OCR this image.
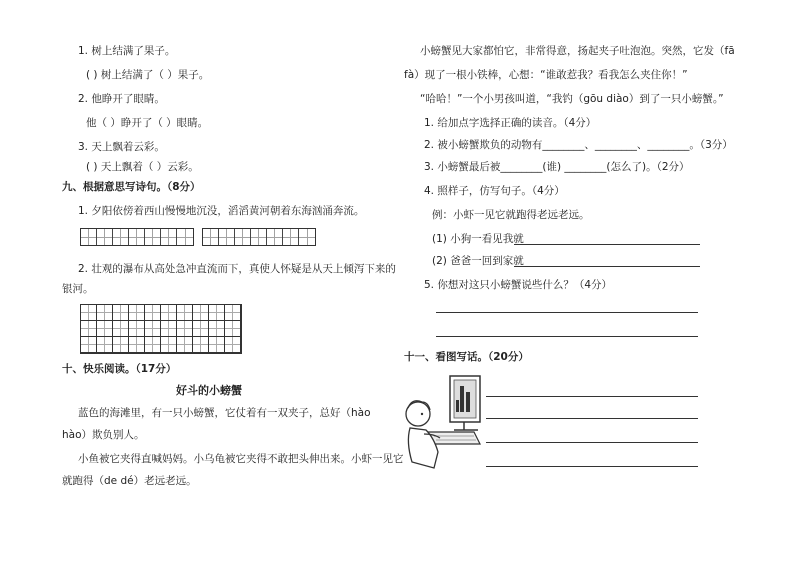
1. 树上结满了果子。
( ) 树上结满了（ ）果子。
2. 他睁开了眼睛。
他（ ）睁开了（ ）眼睛。
3. 天上飘着云彩。
( ) 天上飘着（ ）云彩。
九、根据意思写诗句。（8分）
1. 夕阳依傍着西山慢慢地沉没，滔滔黄河朝着东海汹涌奔流。
2. 壮观的瀑布从高处急冲直流而下，真使人怀疑是从天上倾泻下来的
银河。
十、快乐阅读。（17分）
好斗的小螃蟹
蓝色的海滩里，有一只小螃蟹，它仗着有一双夹子，总好（hào
hào）欺负别人。
小鱼被它夹得直喊妈妈。小乌龟被它夹得不敢把头伸出来。小虾一见它
就跑得（de dé）老远老远。
小螃蟹见大家都怕它，非常得意，扬起夹子吐泡泡。突然，它发（fā
fà）现了一根小铁棒，心想：“谁敢惹我？看我怎么夹住你！”
“哈哈！”一个小男孩叫道，“我钓（gōu diào）到了一只小螃蟹。”
1. 给加点字选择正确的读音。（4分）
2. 被小螃蟹欺负的动物有________、________、________。（3分）
3. 小螃蟹最后被________(谁) ________(怎么了)。（2分）
4. 照样子，仿写句子。（4分）
例：小虾一见它就跑得老远老远。
(1) 小狗一看见我就
(2) 爸爸一回到家就
5. 你想对这只小螃蟹说些什么？（4分）
十一、看图写话。（20分）
